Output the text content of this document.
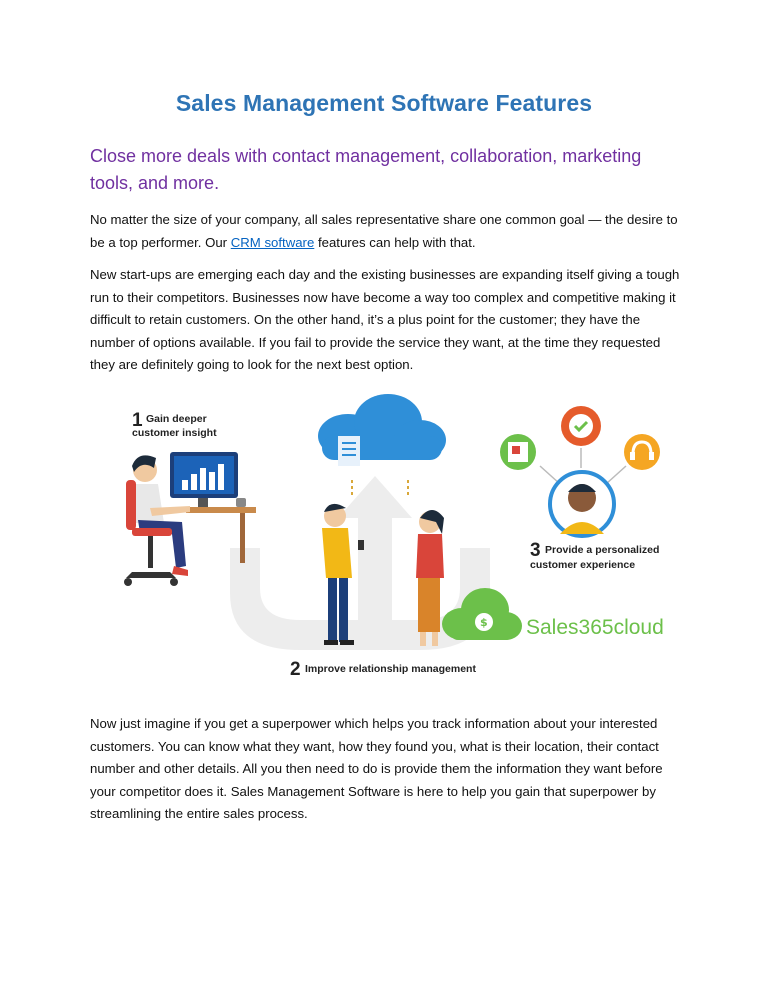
Sales Management Software Features
Close more deals with contact management, collaboration, marketing tools, and more.
No matter the size of your company, all sales representative share one common goal — the desire to be a top performer. Our CRM software features can help with that.
New start-ups are emerging each day and the existing businesses are expanding itself giving a tough run to their competitors. Businesses now have become a way too complex and competitive making it difficult to retain customers. On the other hand, it’s a plus point for the customer; they have the number of options available. If you fail to provide the service they want, at the time they requested they are definitely going to look for the next best option.
1 Gain deeper
customer insight
2 Improve relationship management
3 Provide a personalized
customer experience
$ Sales365cloud
Now just imagine if you get a superpower which helps you track information about your interested customers. You can know what they want, how they found you, what is their location, their contact number and other details. All you then need to do is provide them the information they want before your competitor does it. Sales Management Software is here to help you gain that superpower by streamlining the entire sales process.
